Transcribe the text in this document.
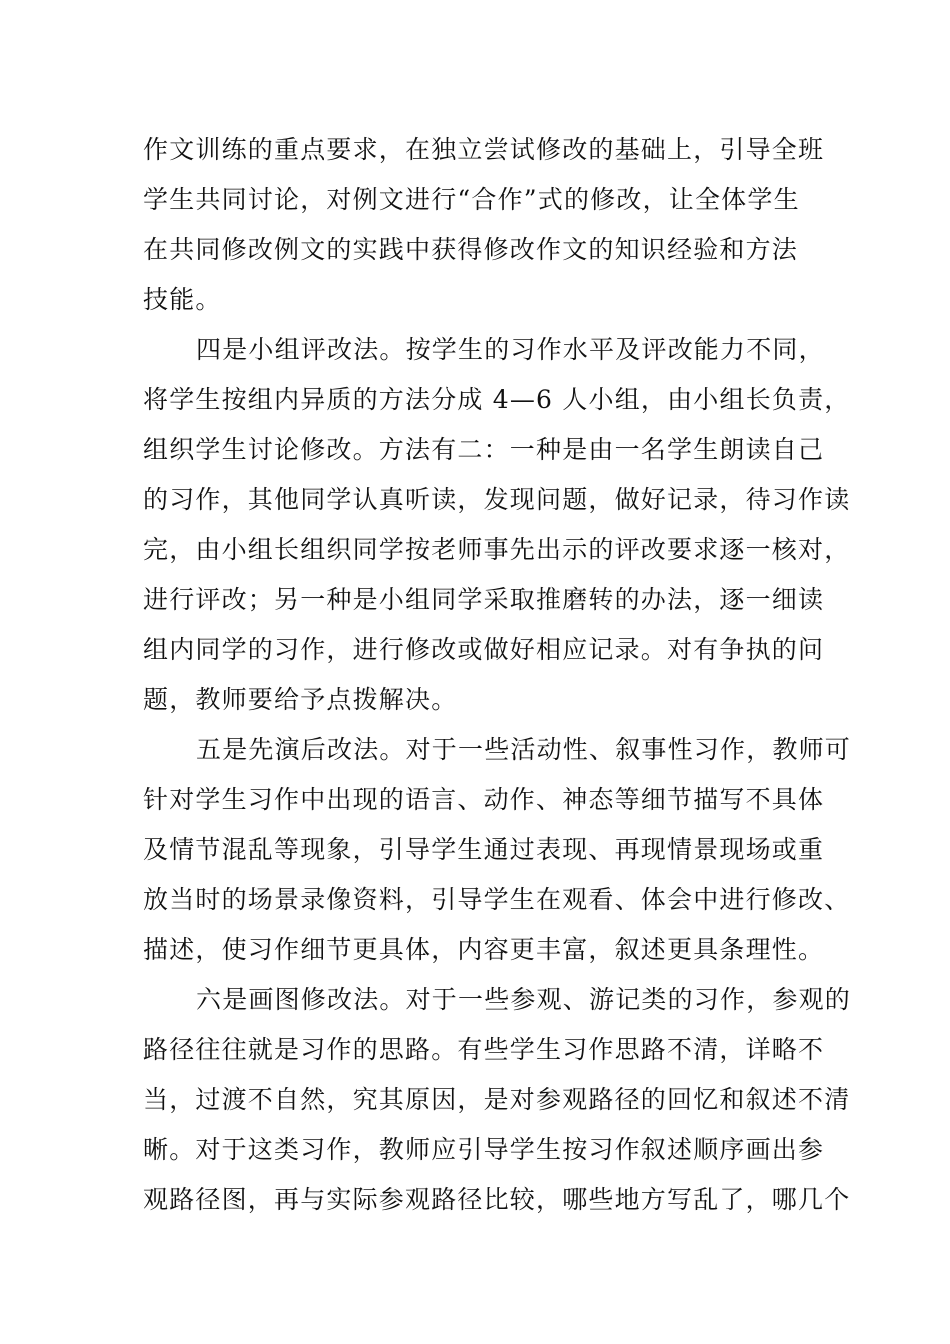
作文训练的重点要求，在独立尝试修改的基础上，引导全班
学生共同讨论，对例文进行“合作”式的修改，让全体学生
在共同修改例文的实践中获得修改作文的知识经验和方法
技能。
四是小组评改法。按学生的习作水平及评改能力不同，
将学生按组内异质的方法分成 4—6 人小组，由小组长负责，
组织学生讨论修改。方法有二：一种是由一名学生朗读自己
的习作，其他同学认真听读，发现问题，做好记录，待习作读
完，由小组长组织同学按老师事先出示的评改要求逐一核对，
进行评改；另一种是小组同学采取推磨转的办法，逐一细读
组内同学的习作，进行修改或做好相应记录。对有争执的问
题，教师要给予点拨解决。
五是先演后改法。对于一些活动性、叙事性习作，教师可
针对学生习作中出现的语言、动作、神态等细节描写不具体
及情节混乱等现象，引导学生通过表现、再现情景现场或重
放当时的场景录像资料，引导学生在观看、体会中进行修改、
描述，使习作细节更具体，内容更丰富，叙述更具条理性。
六是画图修改法。对于一些参观、游记类的习作，参观的
路径往往就是习作的思路。有些学生习作思路不清，详略不
当，过渡不自然，究其原因，是对参观路径的回忆和叙述不清
晰。对于这类习作，教师应引导学生按习作叙述顺序画出参
观路径图，再与实际参观路径比较，哪些地方写乱了，哪几个
